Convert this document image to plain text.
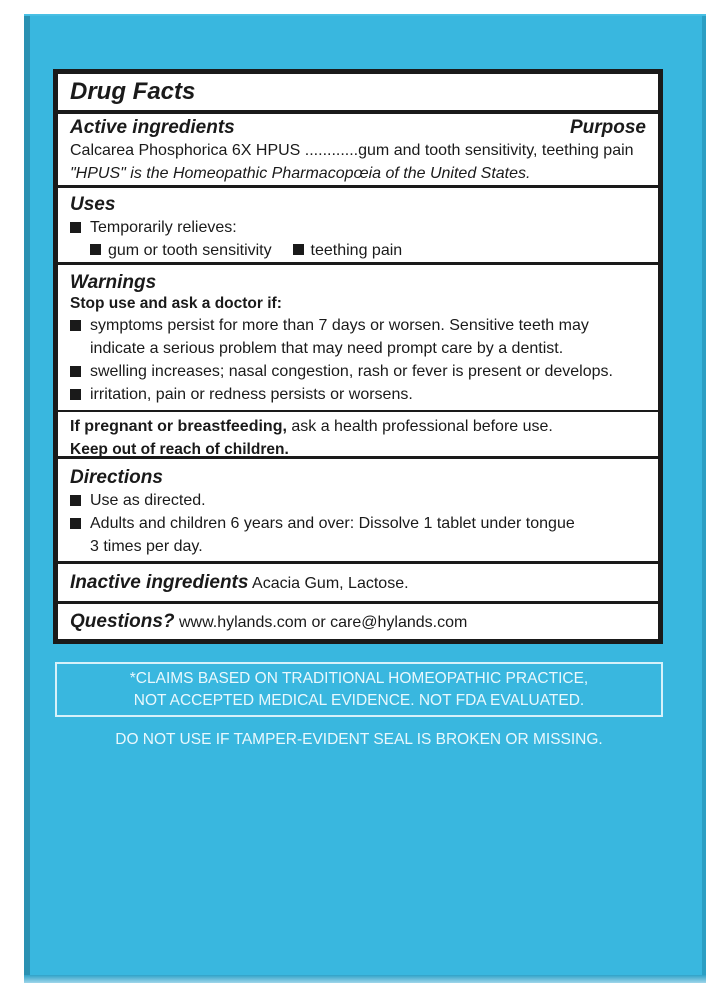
Drug Facts
Active ingredients	Purpose
Calcarea Phosphorica 6X HPUS ............gum and tooth sensitivity, teething pain
"HPUS" is the Homeopathic Pharmacopœia of the United States.
Uses
Temporarily relieves:
gum or tooth sensitivity teething pain
Warnings
Stop use and ask a doctor if:
symptoms persist for more than 7 days or worsen. Sensitive teeth may
indicate a serious problem that may need prompt care by a dentist.
swelling increases; nasal congestion, rash or fever is present or develops.
irritation, pain or redness persists or worsens.
If pregnant or breastfeeding, ask a health professional before use.
Keep out of reach of children.
Directions
Use as directed.
Adults and children 6 years and over: Dissolve 1 tablet under tongue
3 times per day.
Inactive ingredients Acacia Gum, Lactose.
Questions? www.hylands.com or care@hylands.com
*CLAIMS BASED ON TRADITIONAL HOMEOPATHIC PRACTICE,
NOT ACCEPTED MEDICAL EVIDENCE. NOT FDA EVALUATED.
DO NOT USE IF TAMPER-EVIDENT SEAL IS BROKEN OR MISSING.
